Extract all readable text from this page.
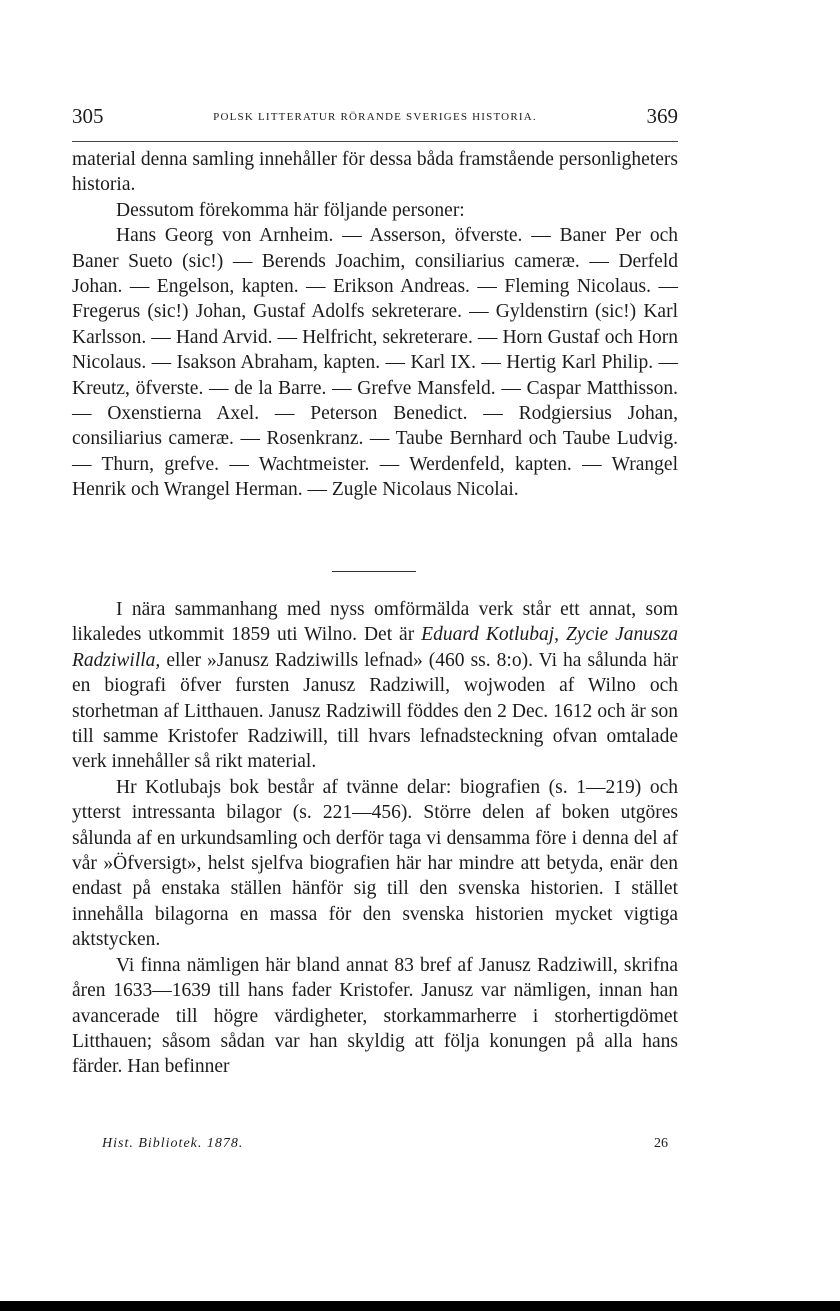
305	POLSK LITTERATUR RÖRANDE SVERIGES HISTORIA.	369

material denna samling innehåller för dessa båda framstående personligheters historia.

Dessutom förekomma här följande personer:

Hans Georg von Arnheim. — Asserson, öfverste. — Baner Per och Baner Sueto (sic!) — Berends Joachim, consiliarius cameræ. — Derfeld Johan. — Engelson, kapten. — Erikson Andreas. — Fleming Nicolaus. — Fregerus (sic!) Johan, Gustaf Adolfs sekreterare. — Gyldenstirn (sic!) Karl Karlsson. — Hand Arvid. — Helfricht, sekreterare. — Horn Gustaf och Horn Nicolaus. — Isakson Abraham, kapten. — Karl IX. — Hertig Karl Philip. — Kreutz, öfverste. — de la Barre. — Grefve Mansfeld. — Caspar Matthisson. — Oxenstierna Axel. — Peterson Benedict. — Rodgiersius Johan, consiliarius cameræ. — Rosenkranz. — Taube Bernhard och Taube Ludvig. — Thurn, grefve. — Wachtmeister. — Werdenfeld, kapten. — Wrangel Henrik och Wrangel Herman. — Zugle Nicolaus Nicolai.

I nära sammanhang med nyss omförmälda verk står ett annat, som likaledes utkommit 1859 uti Wilno. Det är Eduard Kotlubaj, Zycie Janusza Radziwilla, eller »Janusz Radziwills lefnad» (460 ss. 8:o). Vi ha sålunda här en biografi öfver fursten Janusz Radziwill, wojwoden af Wilno och storhetman af Litthauen. Janusz Radziwill föddes den 2 Dec. 1612 och är son till samme Kristofer Radziwill, till hvars lefnadsteckning ofvan omtalade verk innehåller så rikt material.

Hr Kotlubajs bok består af tvänne delar: biografien (s. 1—219) och ytterst intressanta bilagor (s. 221—456). Större delen af boken utgöres sålunda af en urkundsamling och derför taga vi densamma före i denna del af vår »Öfversigt», helst sjelfva biografien här har mindre att betyda, enär den endast på enstaka ställen hänför sig till den svenska historien. I stället innehålla bilagorna en massa för den svenska historien mycket vigtiga aktstycken.

Vi finna nämligen här bland annat 83 bref af Janusz Radziwill, skrifna åren 1633—1639 till hans fader Kristofer. Janusz var nämligen, innan han avancerade till högre värdigheter, storkammarherre i storhertigdömet Litthauen; såsom sådan var han skyldig att följa konungen på alla hans färder. Han befinner

Hist. Bibliotek. 1878.	26
